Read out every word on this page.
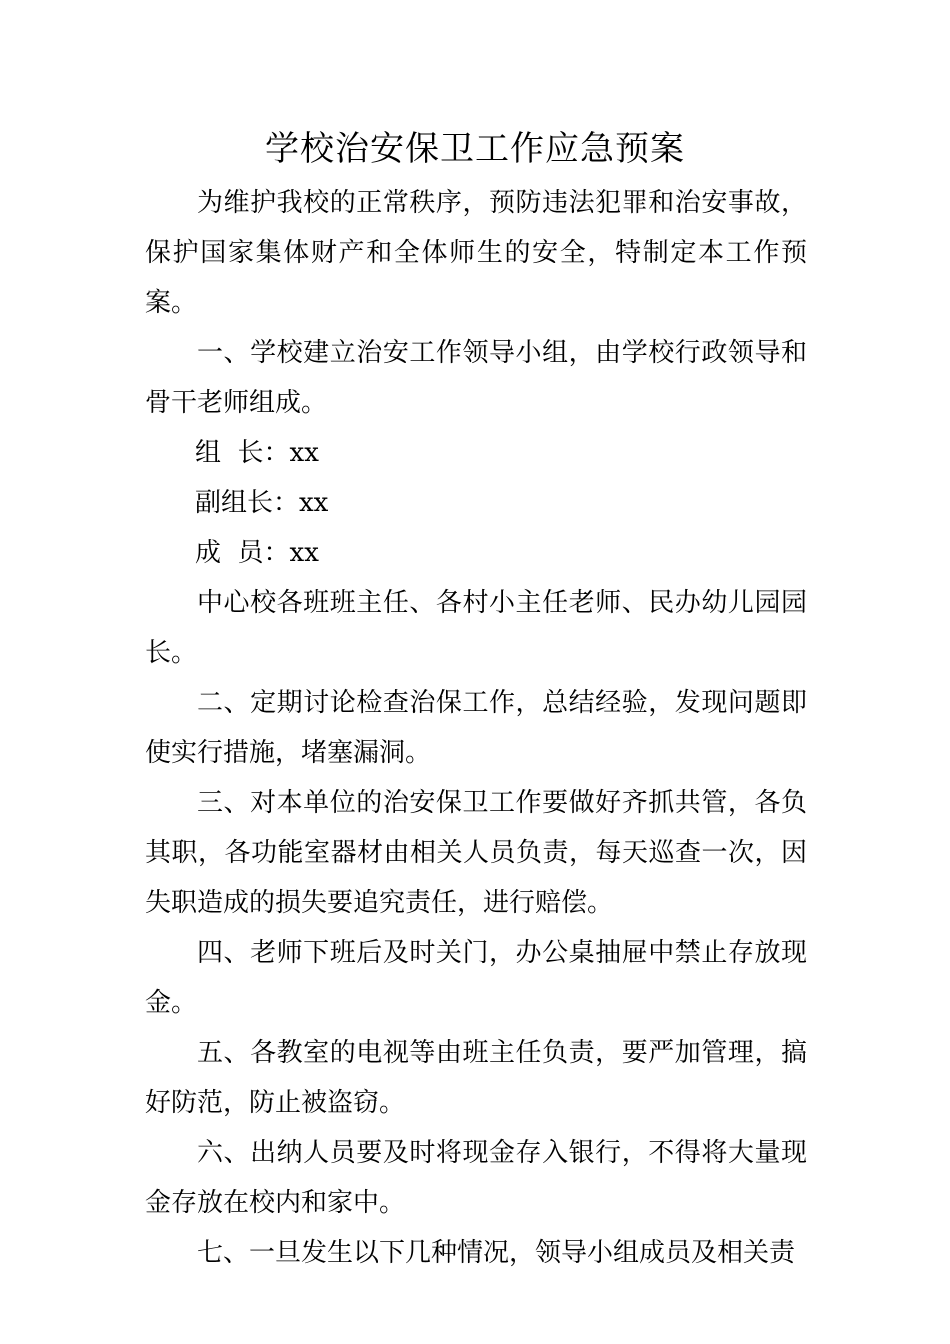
学校治安保卫工作应急预案

为维护我校的正常秩序，预防违法犯罪和治安事故，保护国家集体财产和全体师生的安全，特制定本工作预案。

一、学校建立治安工作领导小组，由学校行政领导和骨干老师组成。

组  长：xx

副组长：xx

成  员：xx

中心校各班班主任、各村小主任老师、民办幼儿园园长。

二、定期讨论检查治保工作，总结经验，发现问题即使实行措施，堵塞漏洞。

三、对本单位的治安保卫工作要做好齐抓共管，各负其职，各功能室器材由相关人员负责，每天巡查一次，因失职造成的损失要追究责任，进行赔偿。

四、老师下班后及时关门，办公桌抽屉中禁止存放现金。

五、各教室的电视等由班主任负责，要严加管理，搞好防范，防止被盗窃。

六、出纳人员要及时将现金存入银行，不得将大量现金存放在校内和家中。

七、一旦发生以下几种情况，领导小组成员及相关责
